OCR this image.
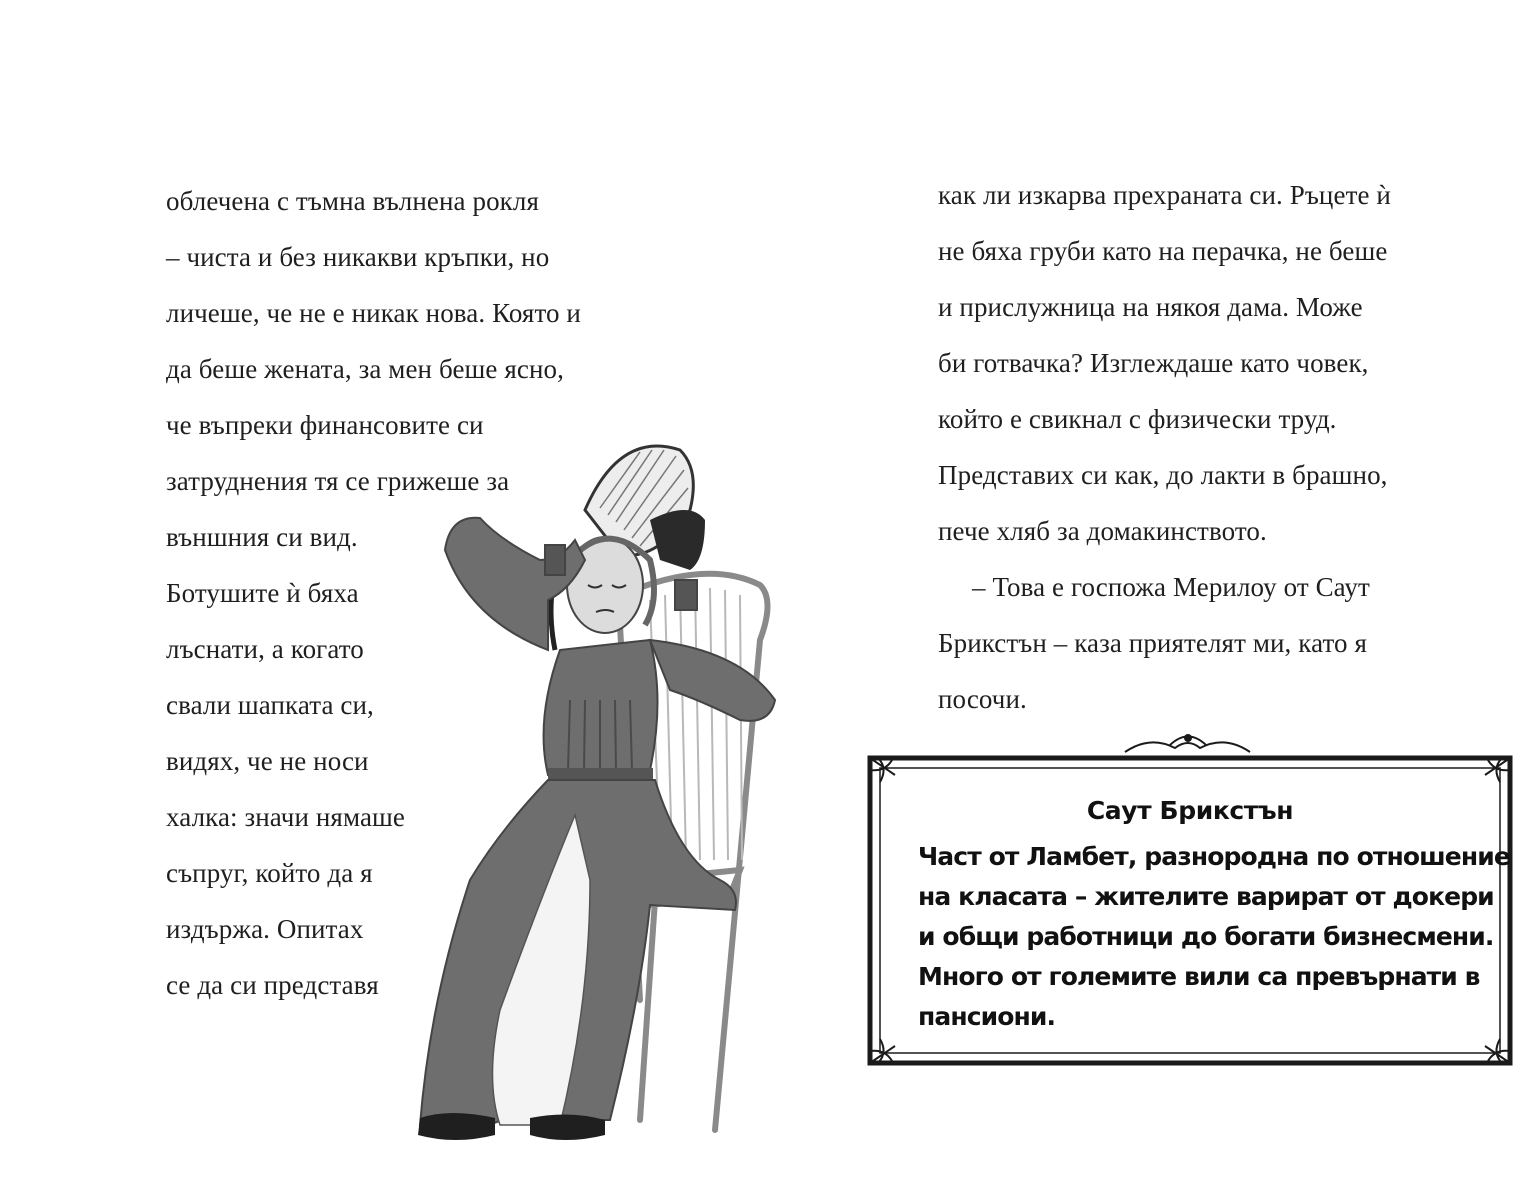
облечена с тъмна вълнена рокля
– чиста и без никакви кръпки, но
личеше, че не е никак нова. Която и
да беше жената, за мен беше ясно,
че въпреки финансовите си
затруднения тя се грижеше за
външния си вид.
Ботушите ѝ бяха
лъснати, а когато
свали шапката си,
видях, че не носи
халка: значи нямаше
съпруг, който да я
издържа. Опитах
се да си представя
как ли изкарва прехраната си. Ръцете ѝ
не бяха груби като на перачка, не беше
и прислужница на някоя дама. Може
би готвачка? Изглеждаше като човек,
който е свикнал с физически труд.
Представих си как, до лакти в брашно,
пече хляб за домакинството.
– Това е госпожа Мерилоу от Саут
Брикстън – каза приятелят ми, като я
посочи.
Саут Брикстън
Част от Ламбет, разнородна по отношение
на класата – жителите варират от докери
и общи работници до богати бизнесмени.
Много от големите вили са превърнати в
пансиони.
